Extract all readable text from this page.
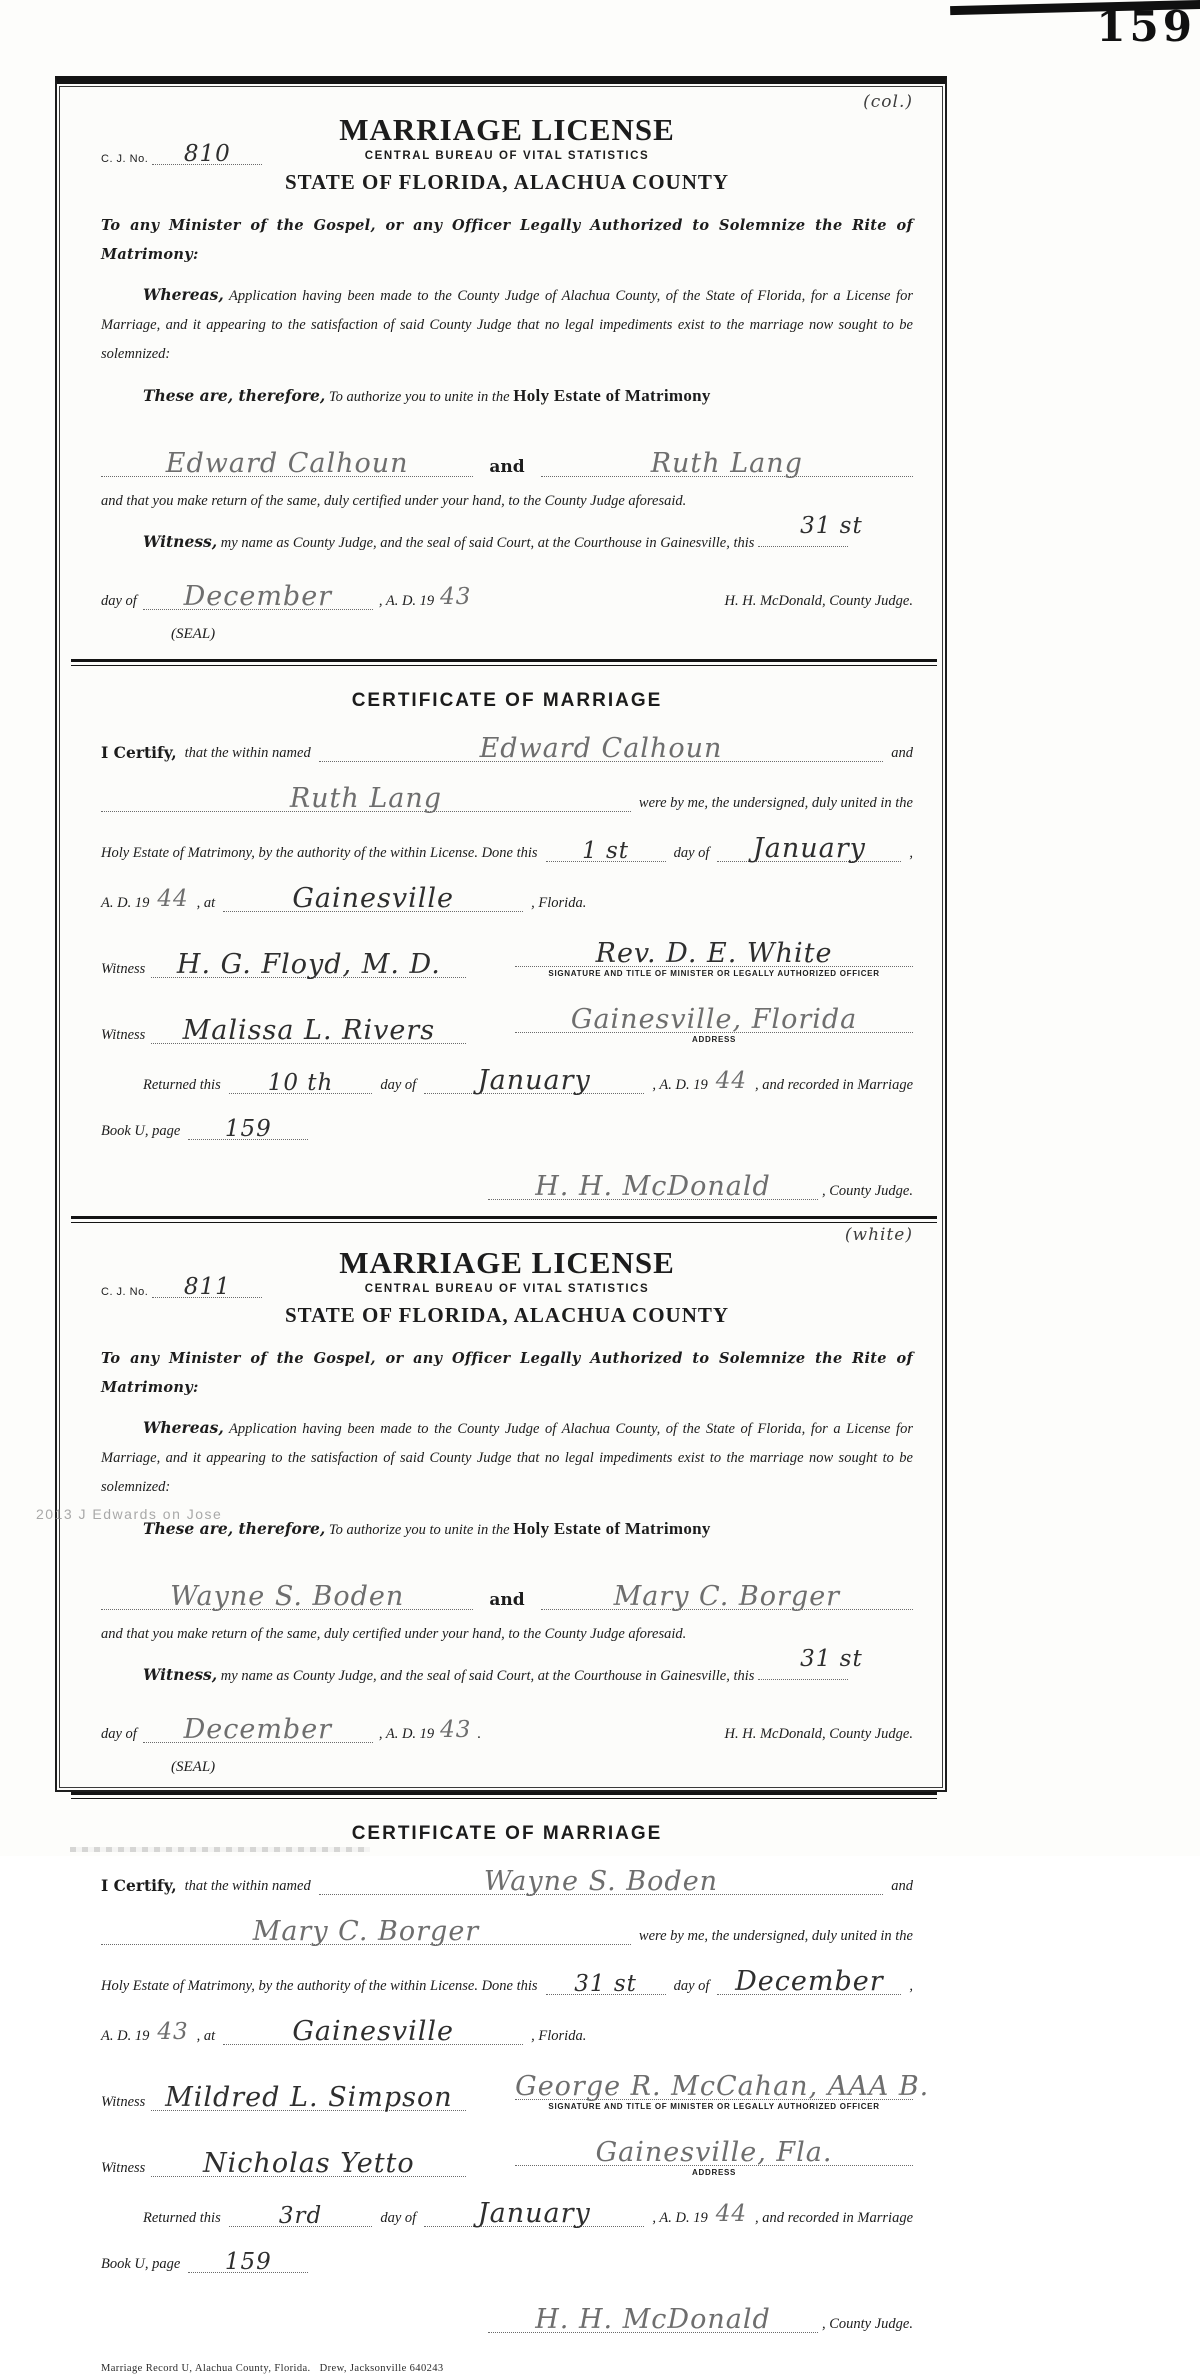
159
2013 J Edwards on Jose
(col.)
MARRIAGE LICENSE
CENTRAL BUREAU OF VITAL STATISTICS
STATE OF FLORIDA, ALACHUA COUNTY
C. J. No.	810

To any Minister of the Gospel, or any Officer Legally Authorized to Solemnize the Rite of Matrimony:

Whereas, Application having been made to the County Judge of Alachua County, of the State of Florida, for a License for Marriage, and it appearing to the satisfaction of said County Judge that no legal impediments exist to the marriage now sought to be solemnized:

These are, therefore, To authorize you to unite in the Holy Estate of Matrimony

Edward Calhoun	and	Ruth Lang

and that you make return of the same, duly certified under your hand, to the County Judge aforesaid.

Witness, my name as County Judge, and the seal of said Court, at the Courthouse in Gainesville, this
31 st

day of	December	, A. D. 19 43	H. H. McDonald, County Judge.
(SEAL)
CERTIFICATE OF MARRIAGE
I Certify, that the within named	Edward Calhoun	and
Ruth Lang	were by me, the undersigned, duly united in the
Holy Estate of Matrimony, by the authority of the within License. Done this	1 st	day of	January	,
A. D. 19 44 , at	Gainesville	, Florida.
Witness	H. G. Floyd, M. D.	Rev. D. E. White
SIGNATURE AND TITLE OF MINISTER OR LEGALLY AUTHORIZED OFFICER
Witness	Malissa L. Rivers	Gainesville, Florida
ADDRESS
Returned this	10 th	day of	January	, A. D. 19 44 , and recorded in Marriage
Book U, page	159
H. H. McDonald	, County Judge.
(white)
MARRIAGE LICENSE
CENTRAL BUREAU OF VITAL STATISTICS
STATE OF FLORIDA, ALACHUA COUNTY
C. J. No.	811

To any Minister of the Gospel, or any Officer Legally Authorized to Solemnize the Rite of Matrimony:

Whereas, Application having been made to the County Judge of Alachua County, of the State of Florida, for a License for Marriage, and it appearing to the satisfaction of said County Judge that no legal impediments exist to the marriage now sought to be solemnized:

These are, therefore, To authorize you to unite in the Holy Estate of Matrimony

Wayne S. Boden	and	Mary C. Borger

and that you make return of the same, duly certified under your hand, to the County Judge aforesaid.

Witness, my name as County Judge, and the seal of said Court, at the Courthouse in Gainesville, this
31 st

day of	December	, A. D. 19 43 .	H. H. McDonald, County Judge.
(SEAL)
CERTIFICATE OF MARRIAGE
I Certify, that the within named	Wayne S. Boden	and
Mary C. Borger	were by me, the undersigned, duly united in the
Holy Estate of Matrimony, by the authority of the within License. Done this	31 st	day of December	,
A. D. 19 43 , at	Gainesville	, Florida.
Witness Mildred L. Simpson	George R. McCahan, AAA B.
SIGNATURE AND TITLE OF MINISTER OR LEGALLY AUTHORIZED OFFICER
Witness	Nicholas Yetto	Gainesville, Fla.
ADDRESS
Returned this	3rd	day of	January	, A. D. 19 44 , and recorded in Marriage
Book U, page	159
H. H. McDonald	, County Judge.
Marriage Record U, Alachua County, Florida.   Drew, Jacksonville 640243
